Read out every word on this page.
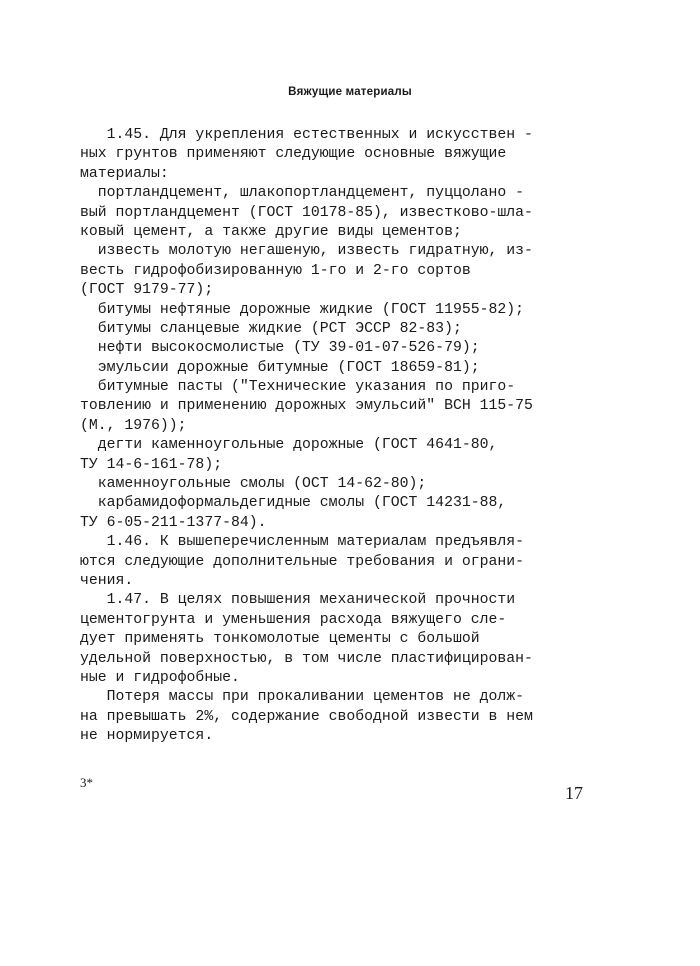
Вяжущие материалы
1.45. Для укрепления естественных и искусствен -
ных грунтов применяют следующие основные вяжущие
материалы:
портландцемент, шлакопортландцемент, пуццолано -
вый портландцемент (ГОСТ 10178-85), известково-шла-
ковый цемент, а также другие виды цементов;
известь молотую негашеную, известь гидратную, из-
весть гидрофобизированную 1-го и 2-го сортов
(ГОСТ 9179-77);
битумы нефтяные дорожные жидкие (ГОСТ 11955-82);
битумы сланцевые жидкие (РСТ ЭССР 82-83);
нефти высокосмолистые (ТУ 39-01-07-526-79);
эмульсии дорожные битумные (ГОСТ 18659-81);
битумные пасты ("Технические указания по приго-
товлению и применению дорожных эмульсий" ВСН 115-75
(М., 1976));
дегти каменноугольные дорожные (ГОСТ 4641-80,
ТУ 14-6-161-78);
каменноугольные смолы (ОСТ 14-62-80);
карбамидоформальдегидные смолы (ГОСТ 14231-88,
ТУ 6-05-211-1377-84).
1.46. К вышеперечисленным материалам предъявля-
ются следующие дополнительные требования и ограни-
чения.
1.47. В целях повышения механической прочности
цементогрунта и уменьшения расхода вяжущего сле-
дует применять тонкомолотые цементы с большой
удельной поверхностью, в том числе пластифицирован-
ные и гидрофобные.
Потеря массы при прокаливании цементов не долж-
на превышать 2%, содержание свободной извести в нем
не нормируется.
3*
17
